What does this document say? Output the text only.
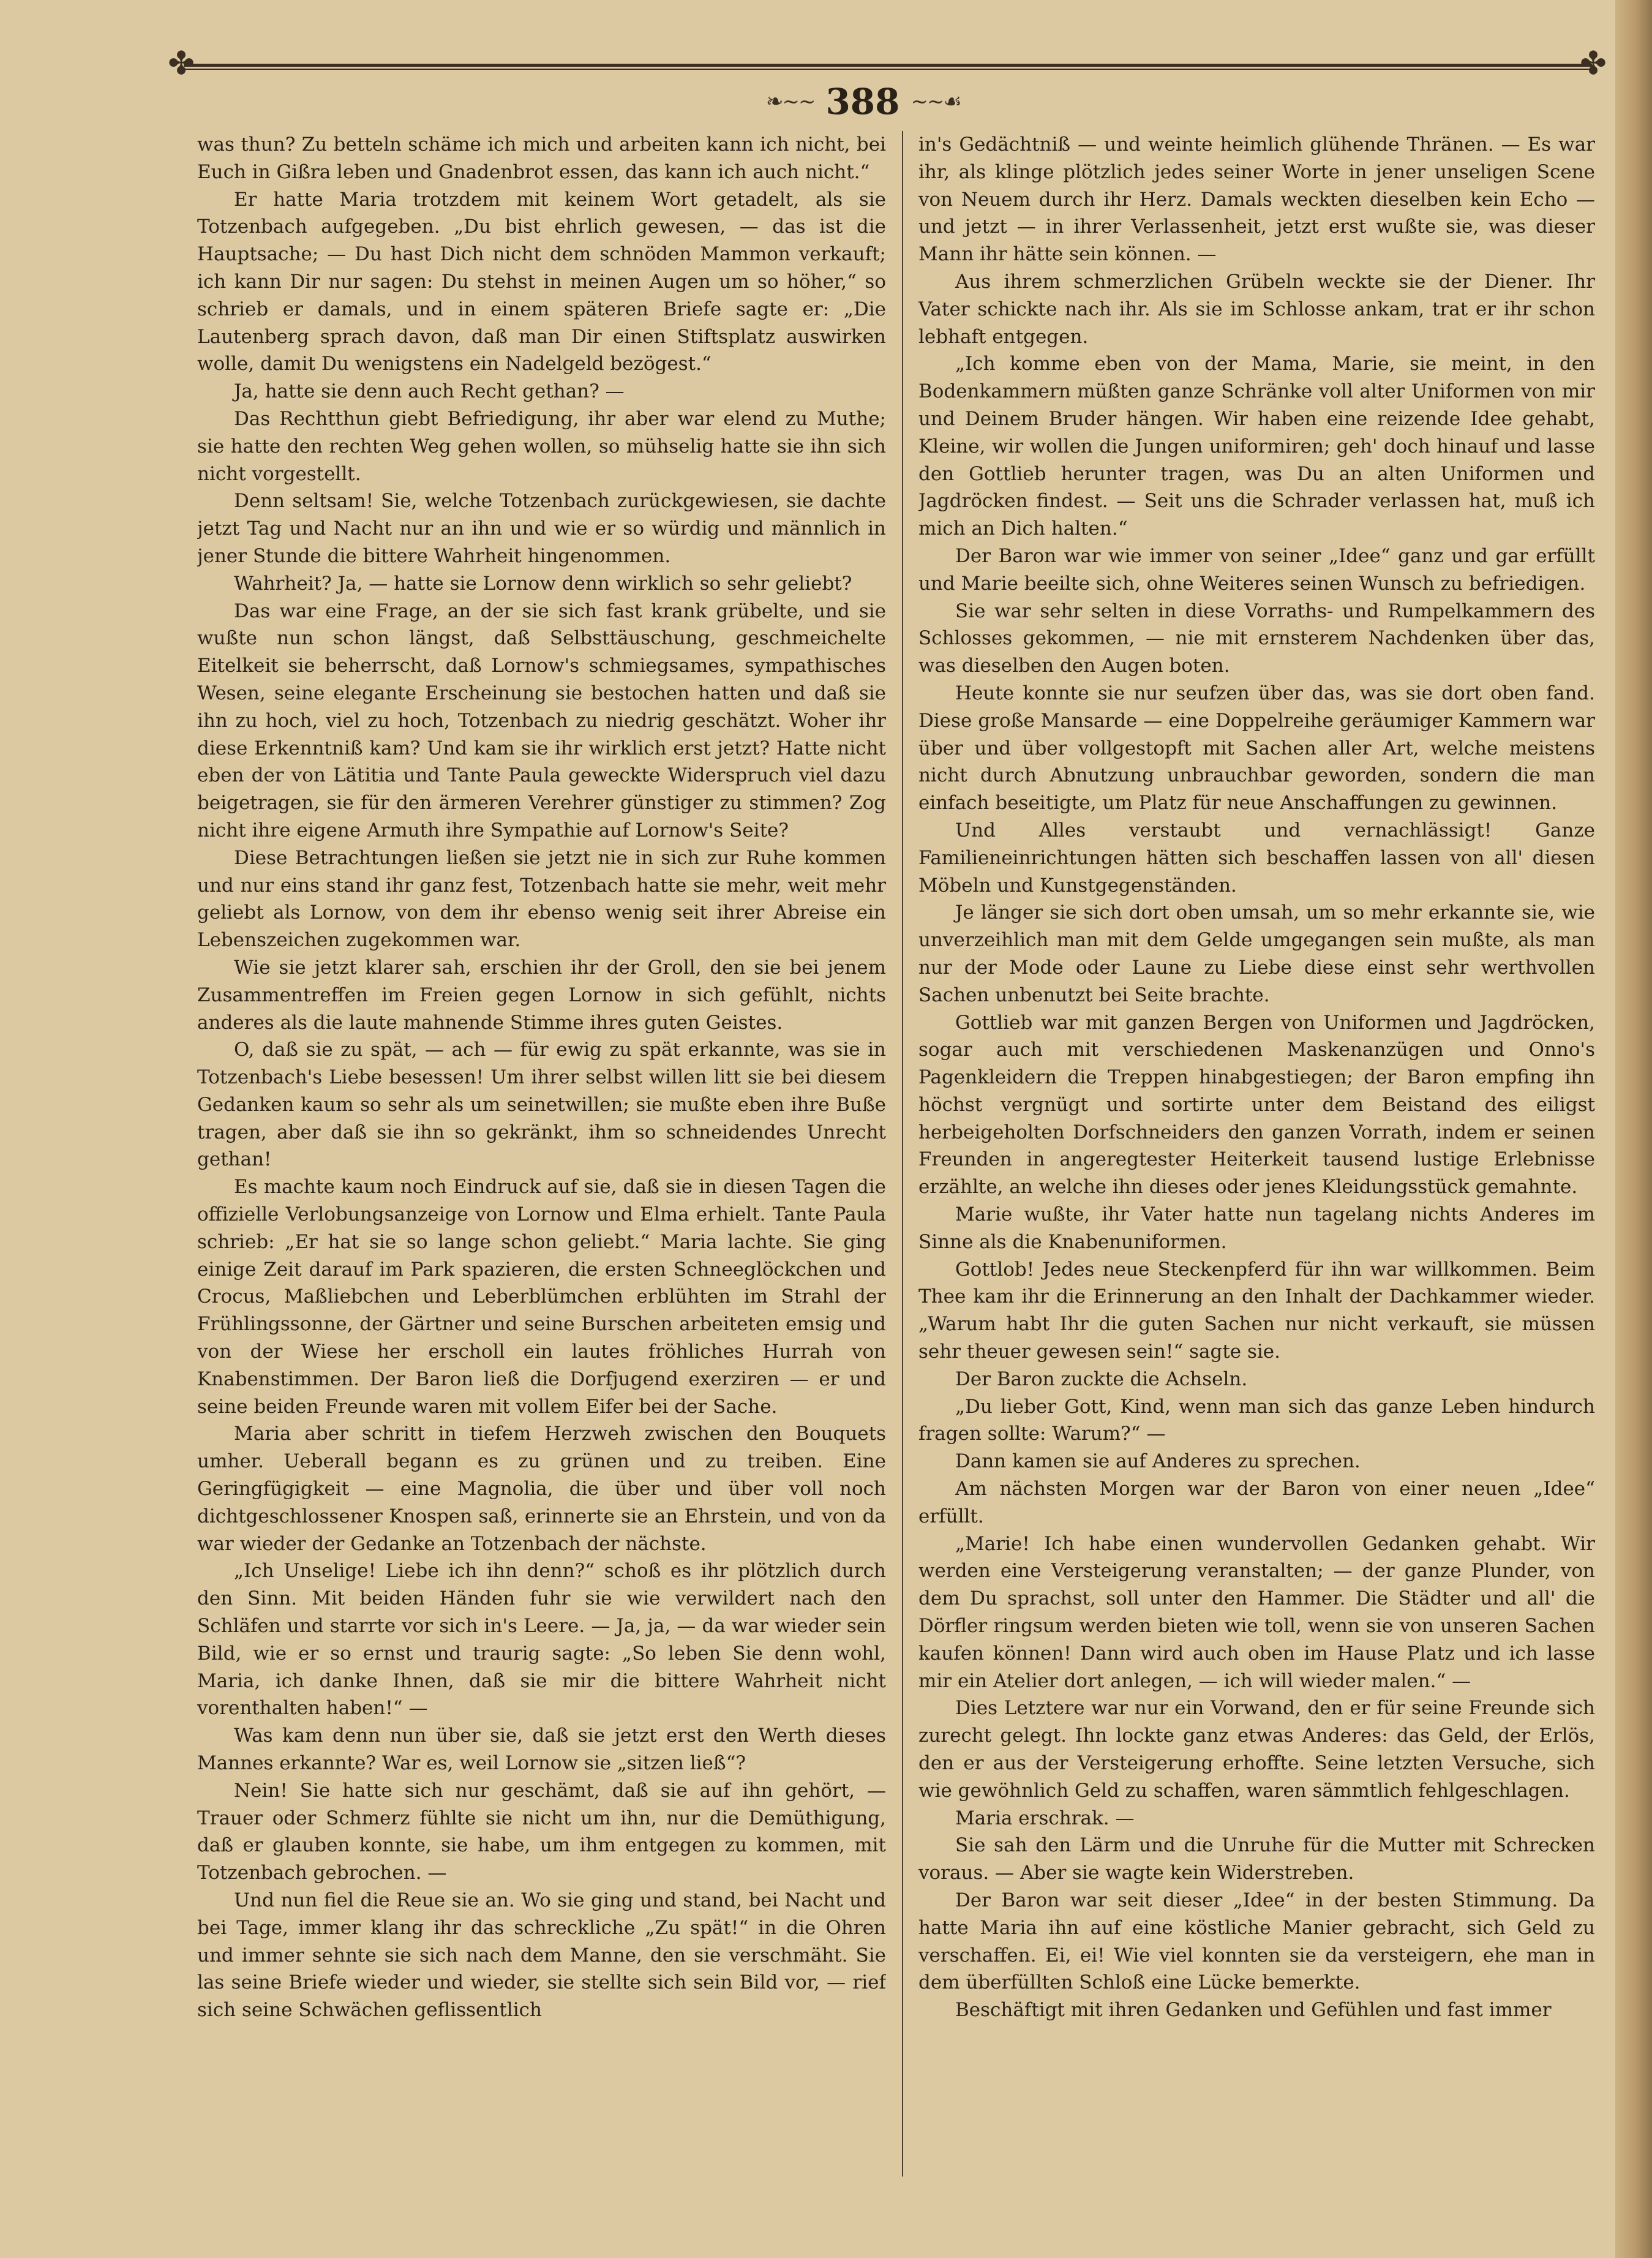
✤	✤
❧~~ 388 ~~☙

was thun? Zu betteln schäme ich mich und arbeiten kann ich nicht, bei Euch in Gißra leben und Gnadenbrot essen, das kann ich auch nicht.“

Er hatte Maria trotzdem mit keinem Wort getadelt, als sie Totzenbach aufgegeben. „Du bist ehrlich gewesen, — das ist die Hauptsache; — Du hast Dich nicht dem schnöden Mammon verkauft; ich kann Dir nur sagen: Du stehst in meinen Augen um so höher,“ so schrieb er damals, und in einem späteren Briefe sagte er: „Die Lautenberg sprach davon, daß man Dir einen Stiftsplatz auswirken wolle, damit Du wenigstens ein Nadelgeld bezögest.“

Ja, hatte sie denn auch Recht gethan? —

Das Rechtthun giebt Befriedigung, ihr aber war elend zu Muthe; sie hatte den rechten Weg gehen wollen, so mühselig hatte sie ihn sich nicht vorgestellt.

Denn seltsam! Sie, welche Totzenbach zurückgewiesen, sie dachte jetzt Tag und Nacht nur an ihn und wie er so würdig und männlich in jener Stunde die bittere Wahrheit hingenommen.

Wahrheit? Ja, — hatte sie Lornow denn wirklich so sehr geliebt?

Das war eine Frage, an der sie sich fast krank grübelte, und sie wußte nun schon längst, daß Selbsttäuschung, geschmeichelte Eitelkeit sie beherrscht, daß Lornow's schmiegsames, sympathisches Wesen, seine elegante Erscheinung sie bestochen hatten und daß sie ihn zu hoch, viel zu hoch, Totzenbach zu niedrig geschätzt. Woher ihr diese Erkenntniß kam? Und kam sie ihr wirklich erst jetzt? Hatte nicht eben der von Lätitia und Tante Paula geweckte Widerspruch viel dazu beigetragen, sie für den ärmeren Verehrer günstiger zu stimmen? Zog nicht ihre eigene Armuth ihre Sympathie auf Lornow's Seite?

Diese Betrachtungen ließen sie jetzt nie in sich zur Ruhe kommen und nur eins stand ihr ganz fest, Totzenbach hatte sie mehr, weit mehr geliebt als Lornow, von dem ihr ebenso wenig seit ihrer Abreise ein Lebenszeichen zugekommen war.

Wie sie jetzt klarer sah, erschien ihr der Groll, den sie bei jenem Zusammentreffen im Freien gegen Lornow in sich gefühlt, nichts anderes als die laute mahnende Stimme ihres guten Geistes.

O, daß sie zu spät, — ach — für ewig zu spät erkannte, was sie in Totzenbach's Liebe besessen! Um ihrer selbst willen litt sie bei diesem Gedanken kaum so sehr als um seinetwillen; sie mußte eben ihre Buße tragen, aber daß sie ihn so gekränkt, ihm so schneidendes Unrecht gethan!

Es machte kaum noch Eindruck auf sie, daß sie in diesen Tagen die offizielle Verlobungsanzeige von Lornow und Elma erhielt. Tante Paula schrieb: „Er hat sie so lange schon geliebt.“ Maria lachte. Sie ging einige Zeit darauf im Park spazieren, die ersten Schneeglöckchen und Crocus, Maßliebchen und Leberblümchen erblühten im Strahl der Frühlingssonne, der Gärtner und seine Burschen arbeiteten emsig und von der Wiese her erscholl ein lautes fröhliches Hurrah von Knabenstimmen. Der Baron ließ die Dorfjugend exerziren — er und seine beiden Freunde waren mit vollem Eifer bei der Sache.

Maria aber schritt in tiefem Herzweh zwischen den Bouquets umher. Ueberall begann es zu grünen und zu treiben. Eine Geringfügigkeit — eine Magnolia, die über und über voll noch dichtgeschlossener Knospen saß, erinnerte sie an Ehrstein, und von da war wieder der Gedanke an Totzenbach der nächste.

„Ich Unselige! Liebe ich ihn denn?“ schoß es ihr plötzlich durch den Sinn. Mit beiden Händen fuhr sie wie verwildert nach den Schläfen und starrte vor sich in's Leere. — Ja, ja, — da war wieder sein Bild, wie er so ernst und traurig sagte: „So leben Sie denn wohl, Maria, ich danke Ihnen, daß sie mir die bittere Wahrheit nicht vorenthalten haben!“ —

Was kam denn nun über sie, daß sie jetzt erst den Werth dieses Mannes erkannte? War es, weil Lornow sie „sitzen ließ“?

Nein! Sie hatte sich nur geschämt, daß sie auf ihn gehört, — Trauer oder Schmerz fühlte sie nicht um ihn, nur die Demüthigung, daß er glauben konnte, sie habe, um ihm entgegen zu kommen, mit Totzenbach gebrochen. —

Und nun fiel die Reue sie an. Wo sie ging und stand, bei Nacht und bei Tage, immer klang ihr das schreckliche „Zu spät!“ in die Ohren und immer sehnte sie sich nach dem Manne, den sie verschmäht. Sie las seine Briefe wieder und wieder, sie stellte sich sein Bild vor, — rief sich seine Schwächen geflissentlich

in's Gedächtniß — und weinte heimlich glühende Thränen. — Es war ihr, als klinge plötzlich jedes seiner Worte in jener unseligen Scene von Neuem durch ihr Herz. Damals weckten dieselben kein Echo — und jetzt — in ihrer Verlassenheit, jetzt erst wußte sie, was dieser Mann ihr hätte sein können. —

Aus ihrem schmerzlichen Grübeln weckte sie der Diener. Ihr Vater schickte nach ihr. Als sie im Schlosse ankam, trat er ihr schon lebhaft entgegen.

„Ich komme eben von der Mama, Marie, sie meint, in den Bodenkammern müßten ganze Schränke voll alter Uniformen von mir und Deinem Bruder hängen. Wir haben eine reizende Idee gehabt, Kleine, wir wollen die Jungen uniformiren; geh' doch hinauf und lasse den Gottlieb herunter tragen, was Du an alten Uniformen und Jagdröcken findest. — Seit uns die Schrader verlassen hat, muß ich mich an Dich halten.“

Der Baron war wie immer von seiner „Idee“ ganz und gar erfüllt und Marie beeilte sich, ohne Weiteres seinen Wunsch zu befriedigen.

Sie war sehr selten in diese Vorraths- und Rumpelkammern des Schlosses gekommen, — nie mit ernsterem Nachdenken über das, was dieselben den Augen boten.

Heute konnte sie nur seufzen über das, was sie dort oben fand. Diese große Mansarde — eine Doppelreihe geräumiger Kammern war über und über vollgestopft mit Sachen aller Art, welche meistens nicht durch Abnutzung unbrauchbar geworden, sondern die man einfach beseitigte, um Platz für neue Anschaffungen zu gewinnen.

Und Alles verstaubt und vernachlässigt! Ganze Familieneinrichtungen hätten sich beschaffen lassen von all' diesen Möbeln und Kunstgegenständen.

Je länger sie sich dort oben umsah, um so mehr erkannte sie, wie unverzeihlich man mit dem Gelde umgegangen sein mußte, als man nur der Mode oder Laune zu Liebe diese einst sehr werthvollen Sachen unbenutzt bei Seite brachte.

Gottlieb war mit ganzen Bergen von Uniformen und Jagdröcken, sogar auch mit verschiedenen Maskenanzügen und Onno's Pagenkleidern die Treppen hinabgestiegen; der Baron empfing ihn höchst vergnügt und sortirte unter dem Beistand des eiligst herbeigeholten Dorfschneiders den ganzen Vorrath, indem er seinen Freunden in angeregtester Heiterkeit tausend lustige Erlebnisse erzählte, an welche ihn dieses oder jenes Kleidungsstück gemahnte.

Marie wußte, ihr Vater hatte nun tagelang nichts Anderes im Sinne als die Knabenuniformen.

Gottlob! Jedes neue Steckenpferd für ihn war willkommen. Beim Thee kam ihr die Erinnerung an den Inhalt der Dachkammer wieder. „Warum habt Ihr die guten Sachen nur nicht verkauft, sie müssen sehr theuer gewesen sein!“ sagte sie.

Der Baron zuckte die Achseln.

„Du lieber Gott, Kind, wenn man sich das ganze Leben hindurch fragen sollte: Warum?“ —

Dann kamen sie auf Anderes zu sprechen.

Am nächsten Morgen war der Baron von einer neuen „Idee“ erfüllt.

„Marie! Ich habe einen wundervollen Gedanken gehabt. Wir werden eine Versteigerung veranstalten; — der ganze Plunder, von dem Du sprachst, soll unter den Hammer. Die Städter und all' die Dörfler ringsum werden bieten wie toll, wenn sie von unseren Sachen kaufen können! Dann wird auch oben im Hause Platz und ich lasse mir ein Atelier dort anlegen, — ich will wieder malen.“ —

Dies Letztere war nur ein Vorwand, den er für seine Freunde sich zurecht gelegt. Ihn lockte ganz etwas Anderes: das Geld, der Erlös, den er aus der Versteigerung erhoffte. Seine letzten Versuche, sich wie gewöhnlich Geld zu schaffen, waren sämmtlich fehlgeschlagen.

Maria erschrak. —

Sie sah den Lärm und die Unruhe für die Mutter mit Schrecken voraus. — Aber sie wagte kein Widerstreben.

Der Baron war seit dieser „Idee“ in der besten Stimmung. Da hatte Maria ihn auf eine köstliche Manier gebracht, sich Geld zu verschaffen. Ei, ei! Wie viel konnten sie da versteigern, ehe man in dem überfüllten Schloß eine Lücke bemerkte.

Beschäftigt mit ihren Gedanken und Gefühlen und fast immer
